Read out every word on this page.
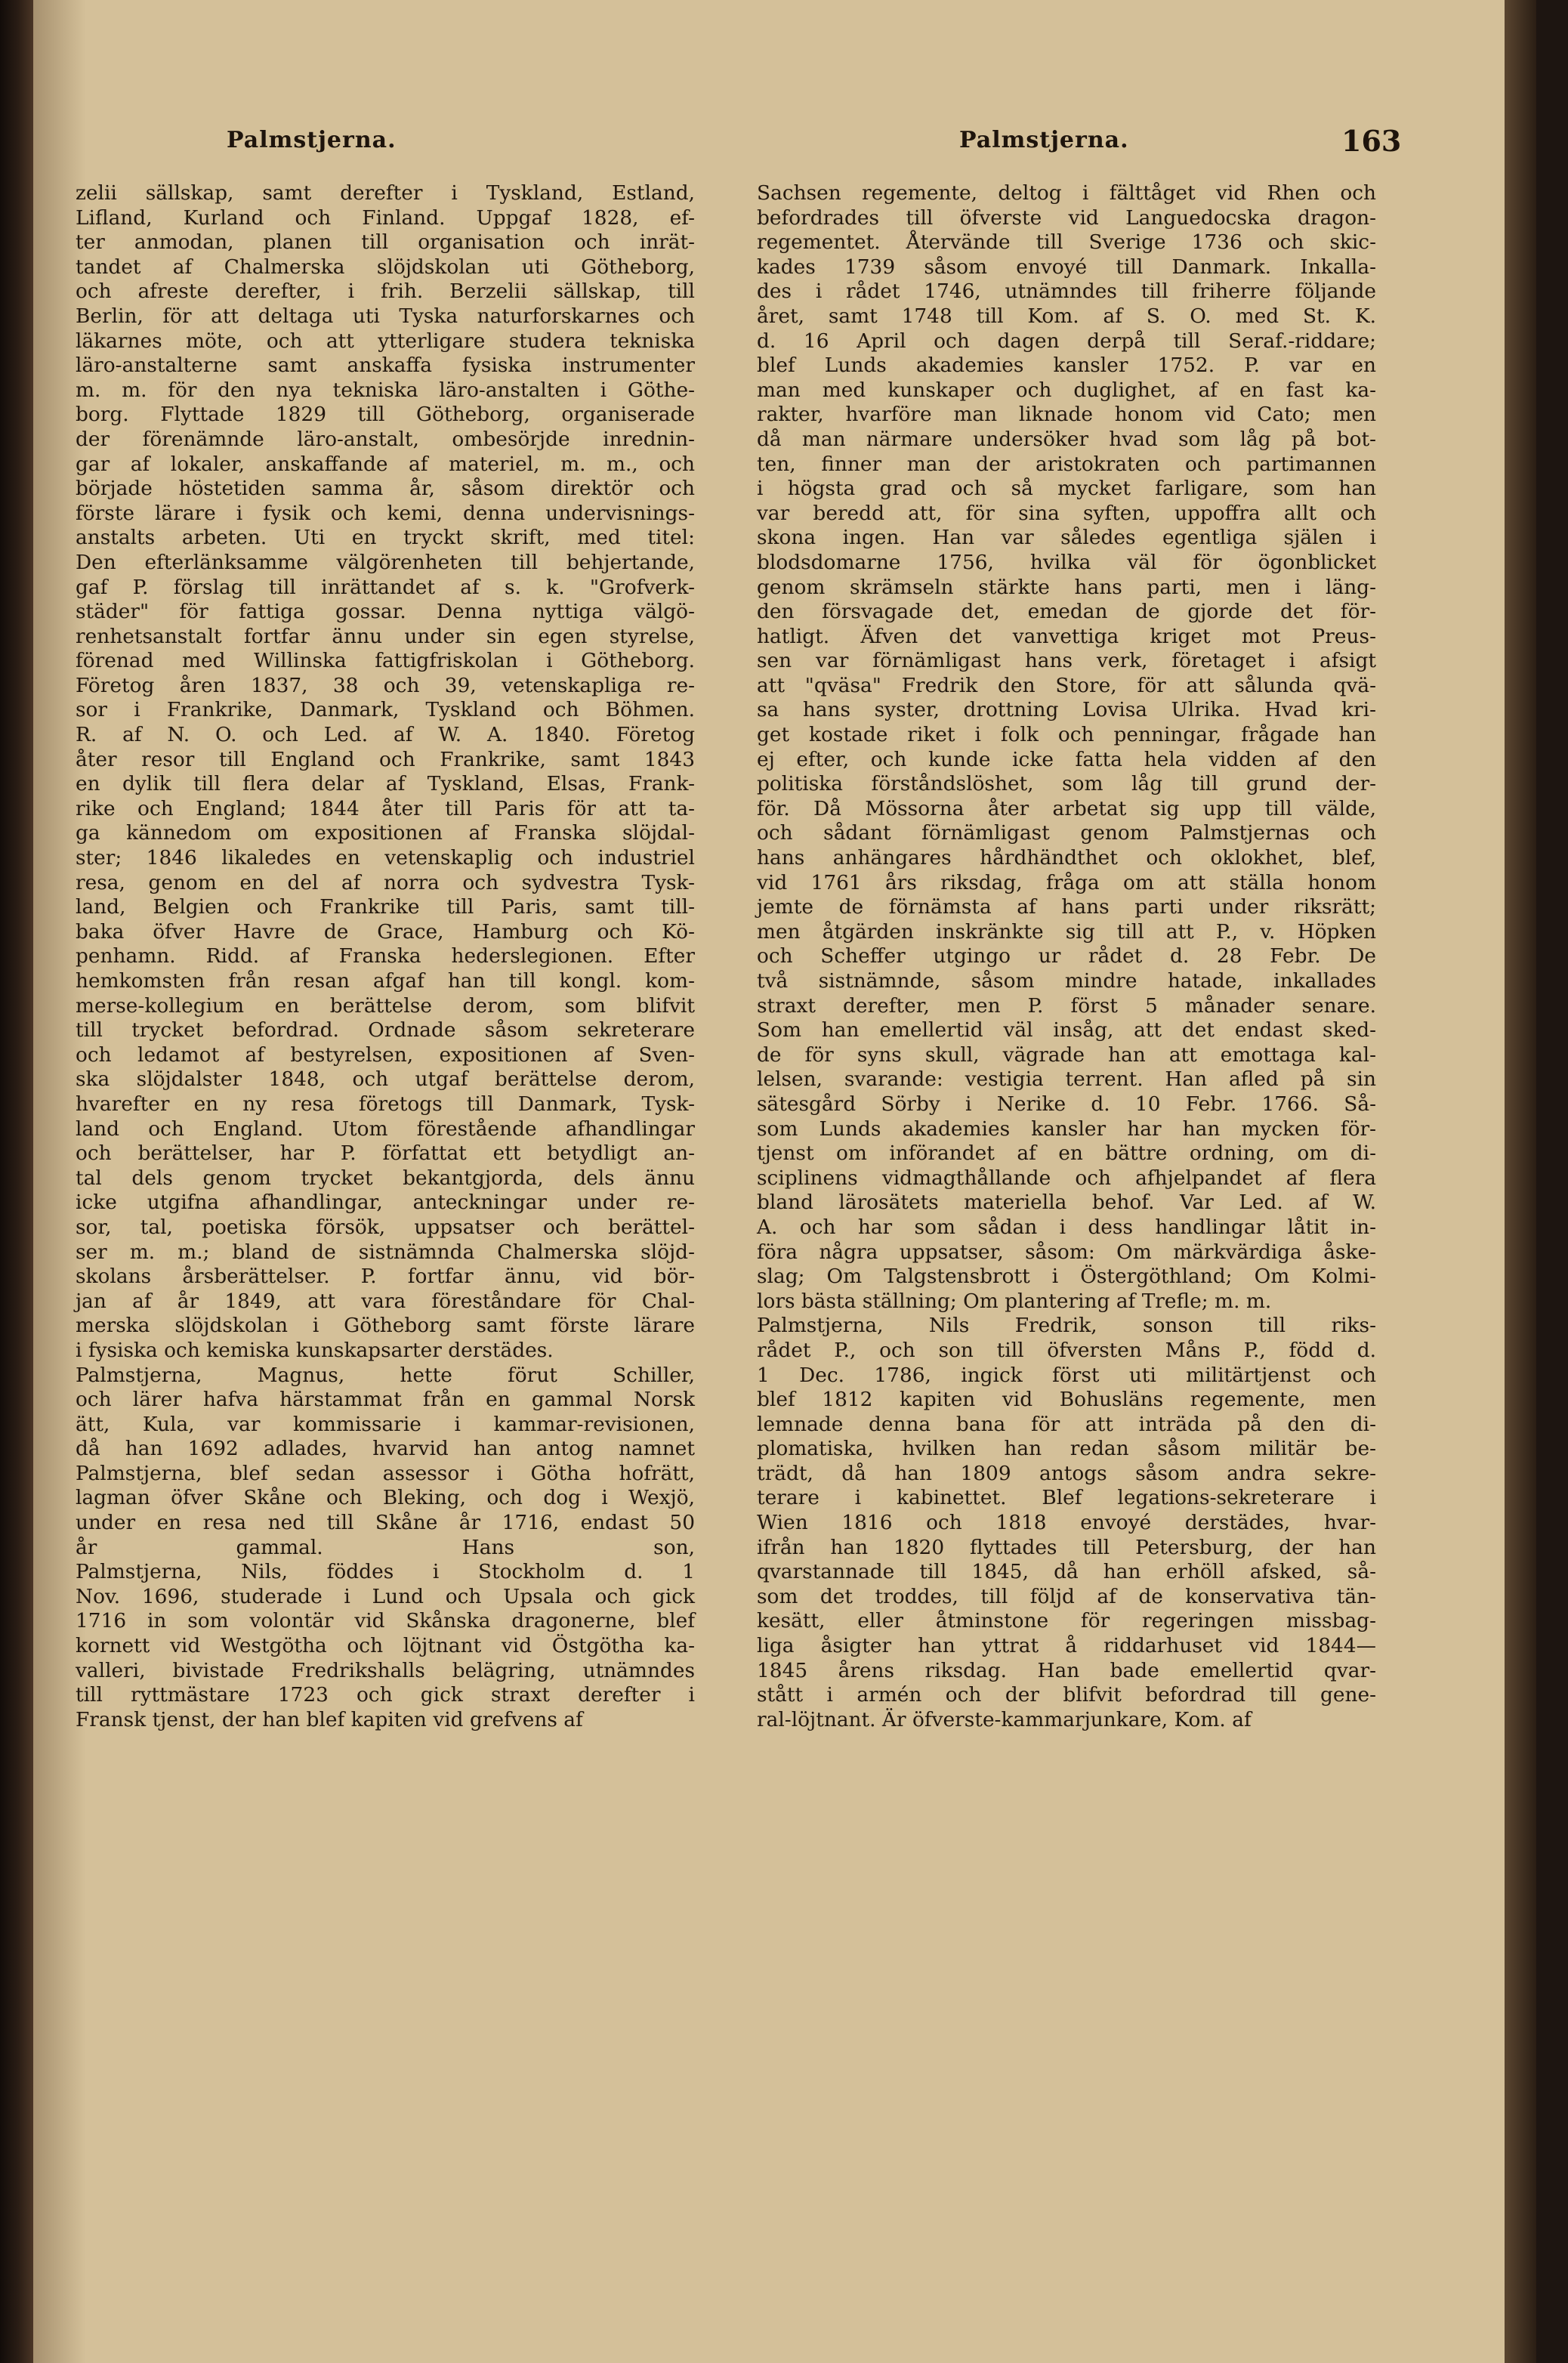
Palmstjerna.	Palmstjerna.	163
zelii sällskap, samt derefter i Tyskland, Estland,
Lifland, Kurland och Finland. Uppgaf 1828, ef-
ter anmodan, planen till organisation och inrät-
tandet af Chalmerska slöjdskolan uti Götheborg,
och afreste derefter, i frih. Berzelii sällskap, till
Berlin, för att deltaga uti Tyska naturforskarnes och
läkarnes möte, och att ytterligare studera tekniska
läro-anstalterne samt anskaffa fysiska instrumenter
m. m. för den nya tekniska läro-anstalten i Göthe-
borg. Flyttade 1829 till Götheborg, organiserade
der förenämnde läro-anstalt, ombesörjde inrednin-
gar af lokaler, anskaffande af materiel, m. m., och
började höstetiden samma år, såsom direktör och
förste lärare i fysik och kemi, denna undervisnings-
anstalts arbeten. Uti en tryckt skrift, med titel:
Den efterlänksamme välgörenheten till behjertande,
gaf P. förslag till inrättandet af s. k. "Grofverk-
städer" för fattiga gossar. Denna nyttiga välgö-
renhetsanstalt fortfar ännu under sin egen styrelse,
förenad med Willinska fattigfriskolan i Götheborg.
Företog åren 1837, 38 och 39, vetenskapliga re-
sor i Frankrike, Danmark, Tyskland och Böhmen.
R. af N. O. och Led. af W. A. 1840. Företog
åter resor till England och Frankrike, samt 1843
en dylik till flera delar af Tyskland, Elsas, Frank-
rike och England; 1844 åter till Paris för att ta-
ga kännedom om expositionen af Franska slöjdal-
ster; 1846 likaledes en vetenskaplig och industriel
resa, genom en del af norra och sydvestra Tysk-
land, Belgien och Frankrike till Paris, samt till-
baka öfver Havre de Grace, Hamburg och Kö-
penhamn. Ridd. af Franska hederslegionen. Efter
hemkomsten från resan afgaf han till kongl. kom-
merse-kollegium en berättelse derom, som blifvit
till trycket befordrad. Ordnade såsom sekreterare
och ledamot af bestyrelsen, expositionen af Sven-
ska slöjdalster 1848, och utgaf berättelse derom,
hvarefter en ny resa företogs till Danmark, Tysk-
land och England. Utom förestående afhandlingar
och berättelser, har P. författat ett betydligt an-
tal dels genom trycket bekantgjorda, dels ännu
icke utgifna afhandlingar, anteckningar under re-
sor, tal, poetiska försök, uppsatser och berättel-
ser m. m.; bland de sistnämnda Chalmerska slöjd-
skolans årsberättelser. P. fortfar ännu, vid bör-
jan af år 1849, att vara föreståndare för Chal-
merska slöjdskolan i Götheborg samt förste lärare
i fysiska och kemiska kunskapsarter derstädes.
Palmstjerna, Magnus, hette förut Schiller,
och lärer hafva härstammat från en gammal Norsk
ätt, Kula, var kommissarie i kammar-revisionen,
då han 1692 adlades, hvarvid han antog namnet
Palmstjerna, blef sedan assessor i Götha hofrätt,
lagman öfver Skåne och Bleking, och dog i Wexjö,
under en resa ned till Skåne år 1716, endast 50
år gammal. Hans son,
Palmstjerna, Nils, föddes i Stockholm d. 1
Nov. 1696, studerade i Lund och Upsala och gick
1716 in som volontär vid Skånska dragonerne, blef
kornett vid Westgötha och löjtnant vid Östgötha ka-
valleri, bivistade Fredrikshalls belägring, utnämndes
till ryttmästare 1723 och gick straxt derefter i
Fransk tjenst, der han blef kapiten vid grefvens af
Sachsen regemente, deltog i fälttåget vid Rhen och
befordrades till öfverste vid Languedocska dragon-
regementet. Återvände till Sverige 1736 och skic-
kades 1739 såsom envoyé till Danmark. Inkalla-
des i rådet 1746, utnämndes till friherre följande
året, samt 1748 till Kom. af S. O. med St. K.
d. 16 April och dagen derpå till Seraf.-riddare;
blef Lunds akademies kansler 1752. P. var en
man med kunskaper och duglighet, af en fast ka-
rakter, hvarföre man liknade honom vid Cato; men
då man närmare undersöker hvad som låg på bot-
ten, finner man der aristokraten och partimannen
i högsta grad och så mycket farligare, som han
var beredd att, för sina syften, uppoffra allt och
skona ingen. Han var således egentliga själen i
blodsdomarne 1756, hvilka väl för ögonblicket
genom skrämseln stärkte hans parti, men i läng-
den försvagade det, emedan de gjorde det för-
hatligt. Äfven det vanvettiga kriget mot Preus-
sen var förnämligast hans verk, företaget i afsigt
att "qväsa" Fredrik den Store, för att sålunda qvä-
sa hans syster, drottning Lovisa Ulrika. Hvad kri-
get kostade riket i folk och penningar, frågade han
ej efter, och kunde icke fatta hela vidden af den
politiska förståndslöshet, som låg till grund der-
för. Då Mössorna åter arbetat sig upp till välde,
och sådant förnämligast genom Palmstjernas och
hans anhängares hårdhändthet och oklokhet, blef,
vid 1761 års riksdag, fråga om att ställa honom
jemte de förnämsta af hans parti under riksrätt;
men åtgärden inskränkte sig till att P., v. Höpken
och Scheffer utgingo ur rådet d. 28 Febr. De
två sistnämnde, såsom mindre hatade, inkallades
straxt derefter, men P. först 5 månader senare.
Som han emellertid väl insåg, att det endast sked-
de för syns skull, vägrade han att emottaga kal-
lelsen, svarande: vestigia terrent. Han afled på sin
sätesgård Sörby i Nerike d. 10 Febr. 1766. Så-
som Lunds akademies kansler har han mycken för-
tjenst om införandet af en bättre ordning, om di-
sciplinens vidmagthållande och afhjelpandet af flera
bland lärosätets materiella behof. Var Led. af W.
A. och har som sådan i dess handlingar låtit in-
föra några uppsatser, såsom: Om märkvärdiga åske-
slag; Om Talgstensbrott i Östergöthland; Om Kolmi-
lors bästa ställning; Om plantering af Trefle; m. m.
Palmstjerna, Nils Fredrik, sonson till riks-
rådet P., och son till öfversten Måns P., född d.
1 Dec. 1786, ingick först uti militärtjenst och
blef 1812 kapiten vid Bohusläns regemente, men
lemnade denna bana för att inträda på den di-
plomatiska, hvilken han redan såsom militär be-
trädt, då han 1809 antogs såsom andra sekre-
terare i kabinettet. Blef legations-sekreterare i
Wien 1816 och 1818 envoyé derstädes, hvar-
ifrån han 1820 flyttades till Petersburg, der han
qvarstannade till 1845, då han erhöll afsked, så-
som det troddes, till följd af de konservativa tän-
kesätt, eller åtminstone för regeringen missbag-
liga åsigter han yttrat å riddarhuset vid 1844—
1845 årens riksdag. Han bade emellertid qvar-
stått i armén och der blifvit befordrad till gene-
ral-löjtnant. Är öfverste-kammarjunkare, Kom. af
